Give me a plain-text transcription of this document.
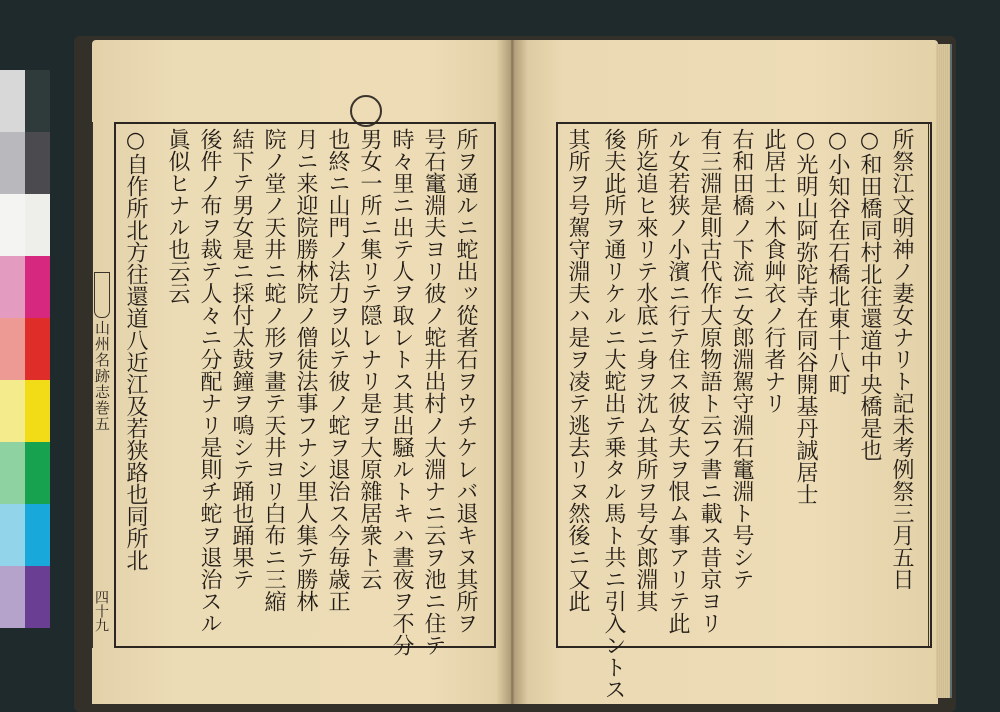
山州名跡志巻五
四十九	所ヲ通ルニ蛇出ッ從者石ヲウチケレバ退キヌ其所ヲ
号石竃淵夫ヨリ彼ノ蛇井出村ノ大淵ナニ云ヲ池ニ住テ
時々里ニ出テ人ヲ取レトス其出騒ルトキハ晝夜ヲ不分
男女一所ニ集リテ隠レナリ是ヲ大原雜居衆ト云
也終ニ山門ノ法力ヲ以テ彼ノ蛇ヲ退治ス今毎歳正
月ニ来迎院勝林院ノ僧徒法事フナシ里人集テ勝林
院ノ堂ノ天井ニ蛇ノ形ヲ畫テ天井ヨリ白布ニ三縮
結下テ男女是ニ採付太鼓鐘ヲ鳴シテ踊也踊果テ
後件ノ布ヲ裁テ人々ニ分配ナリ是則チ蛇ヲ退治スル
眞似ヒナル也云云
○自作所北方往還道八近江及若狭路也同所北	所祭江文明神ノ妻女ナリト記未考例祭三月五日
○和田橋同村北往還道中央橋是也
○小知谷在石橋北東十八町
○光明山阿弥陀寺在同谷開基丹誠居士
此居士ハ木食艸衣ノ行者ナリ
右和田橋ノ下流ニ女郎淵駕守淵石竃淵ト号シテ
有三淵是則古代作大原物語ト云フ書ニ載ス昔京ヨリ
ル女若狭ノ小濱ニ行テ住ス彼女夫ヲ恨ム事アリテ此
所迄追ヒ來リテ水底ニ身ヲ沈ム其所ヲ号女郎淵其
後夫此所ヲ通リケルニ大蛇出テ乗タル馬ト共ニ引入ントス
其所ヲ号駕守淵夫ハ是ヲ凌テ逃去リヌ然後ニ又此
